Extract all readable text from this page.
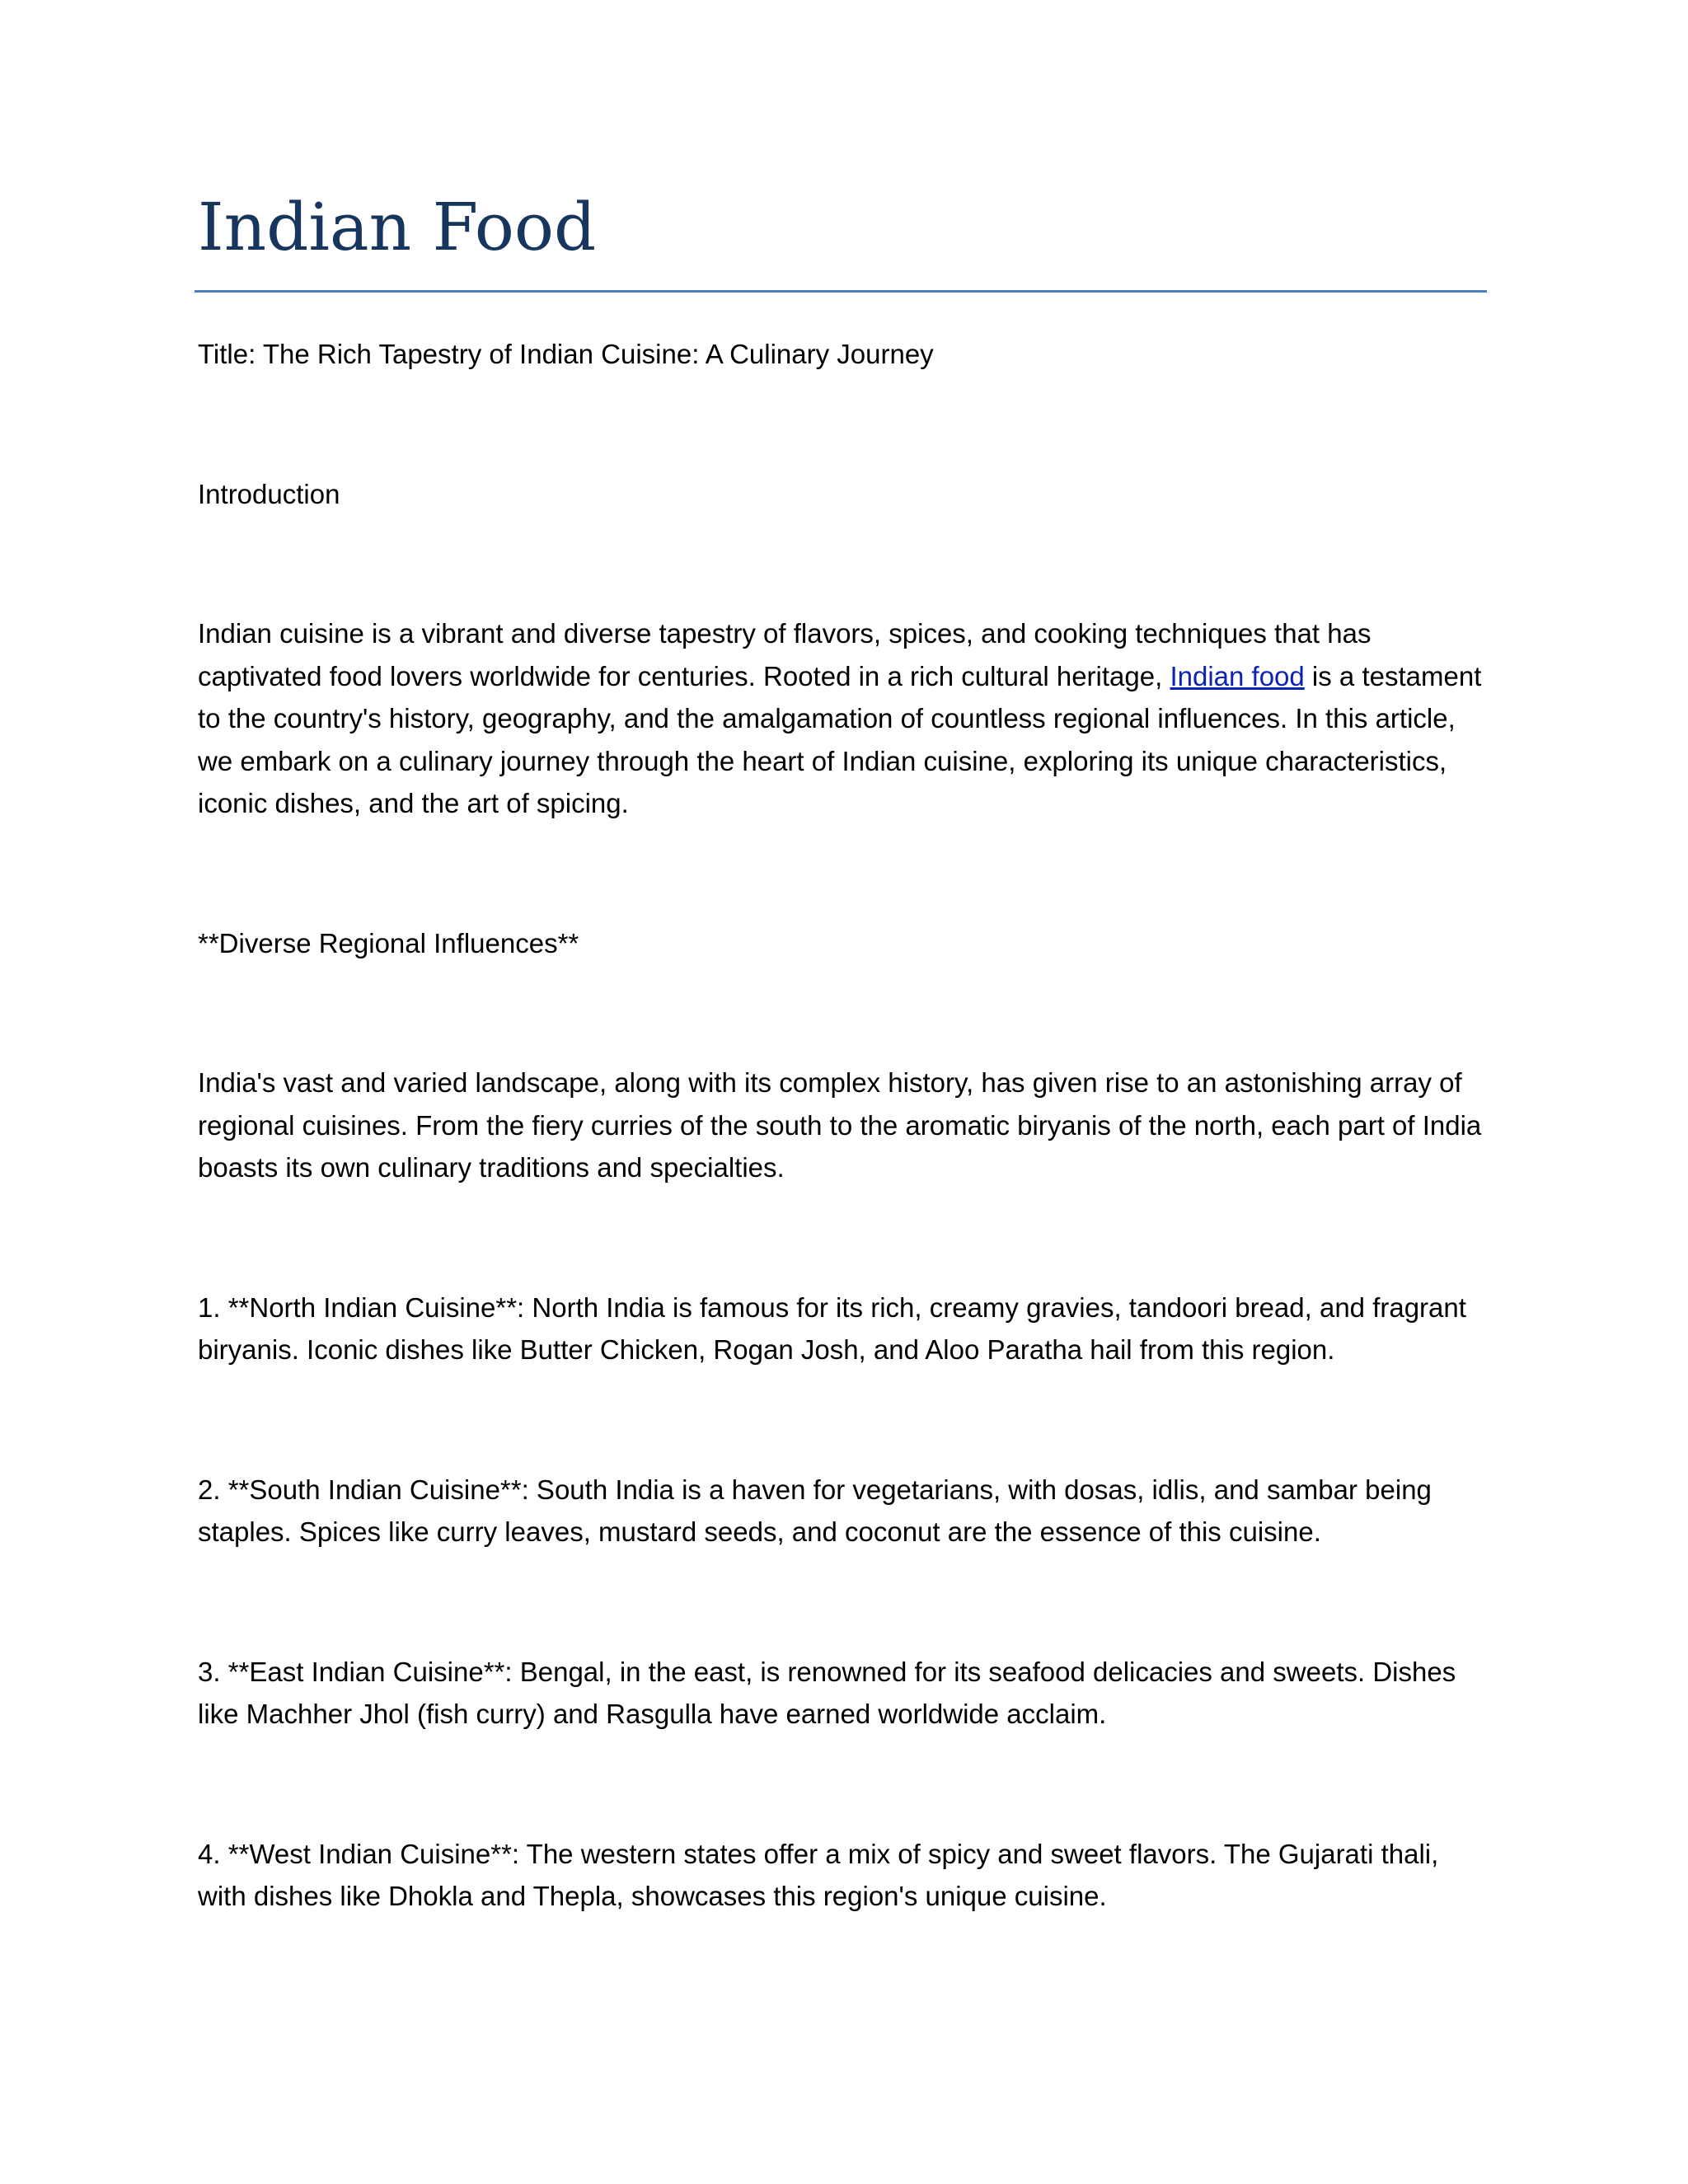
Indian Food

Title: The Rich Tapestry of Indian Cuisine: A Culinary Journey

Introduction

Indian cuisine is a vibrant and diverse tapestry of flavors, spices, and cooking techniques that has captivated food lovers worldwide for centuries. Rooted in a rich cultural heritage, Indian food is a testament to the country's history, geography, and the amalgamation of countless regional influences. In this article, we embark on a culinary journey through the heart of Indian cuisine, exploring its unique characteristics, iconic dishes, and the art of spicing.

**Diverse Regional Influences**

India's vast and varied landscape, along with its complex history, has given rise to an astonishing array of regional cuisines. From the fiery curries of the south to the aromatic biryanis of the north, each part of India boasts its own culinary traditions and specialties.

1. **North Indian Cuisine**: North India is famous for its rich, creamy gravies, tandoori bread, and fragrant biryanis. Iconic dishes like Butter Chicken, Rogan Josh, and Aloo Paratha hail from this region.

2. **South Indian Cuisine**: South India is a haven for vegetarians, with dosas, idlis, and sambar being staples. Spices like curry leaves, mustard seeds, and coconut are the essence of this cuisine.

3. **East Indian Cuisine**: Bengal, in the east, is renowned for its seafood delicacies and sweets. Dishes like Machher Jhol (fish curry) and Rasgulla have earned worldwide acclaim.

4. **West Indian Cuisine**: The western states offer a mix of spicy and sweet flavors. The Gujarati thali, with dishes like Dhokla and Thepla, showcases this region's unique cuisine.
